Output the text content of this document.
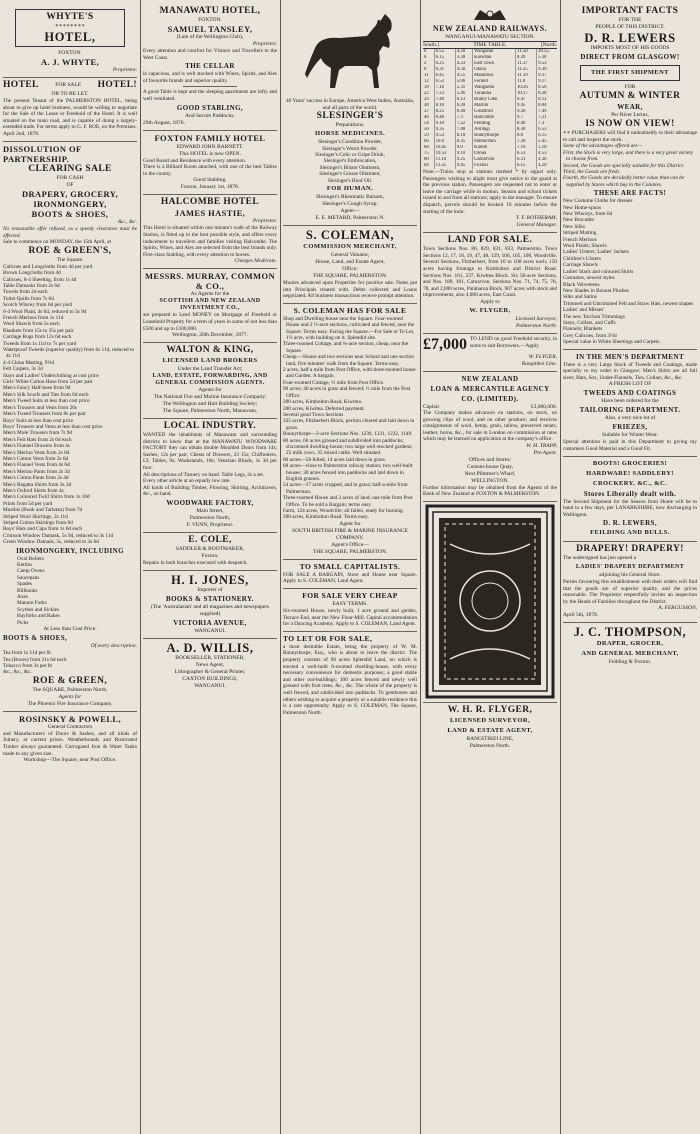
WHYTE'S
∗∗∗∗∗∗∗∗
HOTEL,
FOXTON.
A. J. WHYTE,
Proprietor.
HOTEL	FOR SALE HOTEL!
OR TO BE LET.
The present Tenant of the PALMERSTON HOTEL, being about to give up hotel business, would be willing to negotiate for the Sale of the Lease or Freehold of the Hotel. It is well situated on the main road, and is capable of doing a largely-extended trade. For terms apply to G. F. ROE, on the Premises.
April 2nd, 1878.
DISSOLUTION OF PARTNERSHIP.
CLEARING SALE
FOR CASH
OF
DRAPERY, GROCERY,
IRONMONGERY,
BOOTS & SHOES,
&c., &c.
No reasonable offer refused, as a speedy clearance must be effected.
Sale to commence on MONDAY, the 15th April, at
ROE & GREEN'S,
The Square.
Calicoes and Longcloths from 4d per yard
Brown Longcloths from 4d
Calicoes, 8-4 Sheeting, from 1s 4d
Table Damasks from 2s 6d
Towels from 2d each
Toilet Quilts from 7s 6d
Scotch Wincey from 6d per yard
6-4 Wool Plaid, 4s 6d, reduced to 3s 9d
French Merinos from 1s 11d
Wool Shawls from 5s each
Blankets from 15s to 35s per pair
Carriage Rugs from 12s 6d each
Tweeds from 1s 11d to 7s per yard
Waterproof Tweeds (superior quality) from 6s 11d, reduced to 4s 11d
4-4 China Matting, 9½d
Felt Carpets, 3s 3d
Stays and Ladies' Underclothing at cost price
Girls' White Cotton Hose from 5d per pair
Men's Fancy Half-hose from 9d
Men's Silk Scarfs and Ties from 6d each
Men's Tweed Suits at less than cost price
Men's Trousers and Vests from 20s
Men's Tweed Trousers from 8s per pair
Boys' Suits at less than cost price
Boys' Trousers and Vests at less than cost price
Men's Mole Trousers from 7s 9d
Men's Felt Hats from 2s 6d each
Men's Flannel Drawers from 4s
Men's Merino Vests from 2s 6d
Men's Cotton Vests from 2s 6d
Men's Flannel Vests from 4s 6d
Men's Merino Pants from 2s 3d
Men's Cotton Pants from 2s 4d
Men's Regatta Shirts from 3s 3d
Men's Oxford Shirts from 4s
Men's Coloured Twill Shirts from 1s 10d
Prints from 5d per yard
Muslins (Book and Tarlatan) from 7d
Striped Wool Skirtings, 2s 11d
Striped Cotton Skirtings from 6d
Boys' Hats and Caps from 1s 6d each
Crimson Window Damask, 5s 9d, reduced to 3s 11d
Green Window Damask, 5s, reduced to 3s 6d
IRONMONGERY, INCLUDING
Oval Boilers
Kettles
Camp Ovens
Saucepans
Spades
Billhooks
Axes
Manure Forks
Scythes and Sickles
Hayforks and Rakes
Picks
At Less than Cost Price.
BOOTS & SHOES,
Of every description.
Tea from 1s 11d per lb
Tea (Boxes) from 21s 6d each
Tobacco from 3s per lb
&c., &c., &c.
ROE & GREEN,
The SQUARE, Palmerston North.
Agents for
The Phoenix Fire Insurance Company.
ROSINSKY & POWELL,
General Contractors
and Manufacturers of Doors & Sashes, and all kinds of Joinery, at current prices. Weatherboards and Rusticated Timber always guaranteed. Corrugated Iron & Water Tanks made to any given size.
Workshop—The Square, near Post Office.
MANAWATU HOTEL,
FOXTON.
SAMUEL TANSLEY,
(Late of the Wellington Club),
Proprietor.
Every attention and comfort for Visitors and Travellers to the West Coast.
THE CELLAR
Is capacious, and is well stocked with Wines, Spirits, and Ales of favourite brands and superior quality.
A good Table is kept and the sleeping apartments are lofty and well ventilated.
GOOD STABLING,
And Secure Paddocks.
29th August, 1876.
FOXTON FAMILY HOTEL
EDWARD JOHN BARNETT.
This HOTEL is now OPEN.
Good Board and Residence with every attention.
There is a Billiard Room attached, with one of the best Tables in the county.
Good Stabling.
Foxton, January 1st, 1878.
HALCOMBE HOTEL
JAMES HASTIE,
Proprietor.
This Hotel is situated within one minute's walk of the Railway Station, is fitted up in the best possible style, and offers every inducement to travellers and families visiting Halcombe. The Spirits, Wines, and Ales are selected from the best brands only. First-class Stabling, with every attention to horses.
Charges Moderate.
MESSRS. MURRAY, COMMON & CO.,
As Agents for the
SCOTTISH AND NEW ZEALAND INVESTMENT CO.,
are prepared to Lend MONEY on Mortgage of Freehold or Leasehold Property for a term of years in sums of not less than £500 and up to £100,000.
Wellington, 20th December, 1877.
WALTON & KING,
LICENSED LAND BROKERS
Under the Land Transfer Act;
LAND, ESTATE, FORWARDING, AND GENERAL COMMISSION AGENTS.
Agents for
The National Fire and Marine Insurance Company;
The Wellington and Hutt Building Society;
The Square, Palmerston North, Manawatu.
LOCAL INDUSTRY.
WANTED the inhabitants of Manawatu and surrounding districts to know that at the MANAWATU WOODWARE FACTORY they can obtain double Moulded Doors from 14s; Sashes, 12s per pair; Chests of Drawers, 23 15s; Chiffoniers, £3; Tables, 9s; Washstands, 18s; Venetian Blinds, 1s 3d per foot.
All descriptions of Turnery on hand. Table Legs, 2s a set.
Every other article at an equally low rate.
All kinds of Building Timber, Flooring, Skirting, Architraves, &c., on hand.
WOODWARE FACTORY,
Main Street,
Palmerston North,
F. VENN, Proprietor.
E. COLE,
SADDLER & BOOTMAKER,
Foxton.
Repairs in both branches executed with despatch.
H. I. JONES,
Importer of
BOOKS & STATIONERY.
(The 'Australasian' and all magazines and newspapers supplied)
VICTORIA AVENUE,
WANGANUI.
A. D. WILLIS,
BOOKSELLER, STATIONER,
News Agent,
Lithographer & General Printer,
CAXTON BUILDINGS,
WANGANUI.
40 Years' success in Europe, America West Indies, Australia, and all parts of the world.
SLESINGER'S
Preparations.
HORSE MEDICINES.
Slesinger's Condition Powder,
Slesinger's Worm Powder,
Slesinger's Colic or Gripe Drink,
Slesinger's Embrocation,
Slesinger's Blister Ointment,
Slesinger's Grease Ointment,
Slesinger's Hoof Oil.
FOR HUMAN.
Slesinger's Rheumatic Balsam,
Slesinger's Cough Syrup.
Agent—
E. E. METARD, Palmerston N.
S. COLEMAN,
COMMISSION MERCHANT,
General Valuator,
House, Land, and Estate Agent,
Office:
THE SQUARE, PALMERSTON.
Monies advanced upon Properties for positive sale. Notes put into Principals treated with. Debts collected and Loans negotiated. All business transactions receive prompt attention.
S. COLEMAN HAS FOR SALE
Shop and Dwelling-house near the Square. Four-roomed House and 2 ½-acre sections, cultivated and fenced, near the Square. Terms easy. Facing the Square.—For Sale or To Let, 1½ acre, with building on it. Splendid site.
Three-roomed Cottage, and ¾-acre section, cheap, near the Square.
Cheap.—House and two sections near School and one section land, five minutes' walk from the Square. Terms easy.
2 acres, half a mile from Post Office, with three-roomed house and Garden. A bargain.
Four-roomed Cottage, ½ mile from Post Office.
90 acres; 40 acres in grass and fenced; ½ mile from the Post Office.
200 acres, Kimbolton Road, Kiwitea.
200 acres, Kiwitea. Deferred payment.
Several good Town Sections
325 acres, Fitzherbert Block, portion cleared and laid down in grass.
Bunnythorpe—2-acre Sections Nos. 1230, 1231, 1232, 1149.
80 acres, 60 acres grassed and subdivided into paddocks; sixroomed dwelling-house; two large well-stocked gardens; 25 milk cows, 35 mixed cattle. Well situated.
80 acres—50 felled, 14 acres laid down in grass.
68 acres—close to Palmerston railway station; two well-built houses; 30 acres fenced into paddocks and laid down in English grasses.
54 acres—17 acres cropped, and in grass; half-a-mile from Palmerston.
Three-roomed House and 2 acres of land, one mile from Post Office. To be sold a Bargain; terms easy.
Farm, 124 acres, Woodville; all fallen, ready for burning.
200 acres, Kimbolton Road. Terms easy.
Agent for
SOUTH BRITISH FIRE & MARINE INSURANCE COMPANY.
Agent's Office—
THE SQUARE, PALMERSTON.
TO SMALL CAPITALISTS.
FOR SALE A BARGAIN, Store and House near Square. Apply to S. COLEMAN, Land Agent.
FOR SALE VERY CHEAP
EASY TERMS.
Six-roomed House, newly built, 1 acre ground and garden, Terrace End, near the New Flour-Mill. Capital accommodation for a Dancing Academy. Apply to S. COLEMAN, Land Agent.
TO LET OR FOR SALE,
a most desirable Estate, being the property of W. M. Bunnythorpe, Esq., who is about to leave the district. The property consists of 96 acres Splendid Land, on which is erected a well-built 6-roomed dwelling-house, with every necessary convenience for domestic purposes; a good stable and other out-buildings; 100 acres fenced and newly well grassed with fruit trees, &c., &c. The whole of the property is well fenced, and subdivided into paddocks. To gentlemen and others wishing to acquire a property or a suitable residence this is a rare opportunity. Apply to S. COLEMAN, The Square, Palmerston North.
NEW ZEALAND RAILWAYS.
WANGANUI-MANAWATU SECTION.
South.]	TIME TABLE.	[North.
0	6.55	4.20	Wanganui	11.50	10.55
6	6.15	3.30	Kaiwhau	8.20	5.38
2	6.25	4.33	East Town	11.37	9.53
6	6.31	4.50	Okoia	11.25	9.39
11	6.45	4.55	Matarawa	11.19	9.37
12	6.53	5.06	Fordell	11.0	9.17
18	7.16	5.31	Wangaehu	10.26	8.56
22	7.23	5.46	Turakina	10.17	8.28
29	7.48	6.13	Bonny Glen	9.47	8.12
38	8.10	6.28	Marton	9.45	8.04
37	8.25	6.40	Greatford	9.30	7.49
46	8.48	7.3	Halcombe	9.7	7.21
54	9.10	7.22	Feilding	8.46	7.3
56	9.35	7.48	Aorangi	8.30	6.53
59	9.53	8.10	Bunnythorpe	8.0	6.15
66	10.0	8.35	Palmerston	7.30	5.45
68	10.45	9.0	Karere	7.10	5.10
75	10.53	9.10	Oroua	6.53	4.53
80	11.10	9.25	Carnarvon	6.31	4.36
84	11.25	9.45	Foxton	6.15	4.20
Note.—Trains stop at stations marked * by signal only. Passengers wishing to alight must give notice to the guard at the previous station. Passengers are requested not to enter or leave the carriage while in motion. Season and school tickets issued to and from all stations; apply to the manager. To ensure dispatch, parcels should be booked 10 minutes before the starting of the train.
T. F. ROTHERAM,
General Manager.
LAND FOR SALE.
Town Sections Nos. 86, 829, 831, 833, Palmerston. Town Sections 12, 17, 18, 19, 47, 48, 129, 106, 105, 108, Woodville. Several Sections, Fitzherbert, from 10 to 100 acres each; 150 acres having frontage to Kimbolton and District Road. Sections Nos. 161, 237, Kiwitea Block. Six 50-acre Sections, and Nos. 180, 181, Carnarvon. Sections Nos. 71, 74, 75, 76, 78, and 2,000 acres, Paraharua Block. 907 acres with stock and improvements, also 4,000 acres, East Coast.
Apply to
W. FLYGER,
Licensed Surveyor,
Palmerston North.
£7,000 TO LEND on good Freehold security, in sums to suit Borrowers.—Apply
W. FLYGER,
Rangitikei Line.
NEW ZEALAND
LOAN & MERCANTILE AGENCY CO. (LIMITED).
Capital	£3,000,000.
The Company makes advances on stations, on stock, on growing clips of wool, and on other produce; and receives consignments of wool, hemp, grain, tallow, preserved meats, leather, horns, &c., for sale in London on commission at rates which may be learned on application at the company's office.
W. H. TRAPP,
Pro Agent.
Offices and Stores:
Custom-house Quay,
Next Plimmer's Wharf,
WELLINGTON.
Further information may be obtained from the Agents of the Bank of New Zealand at FOXTON & PALMERSTON.
W. H. R. FLYGER,
LICENSED SURVEYOR,
LAND & ESTATE AGENT,
RANGITIKEI LINE,
Palmerston North.
IMPORTANT FACTS
FOR THE
PEOPLE OF THIS DISTRICT.
D. R. LEWERS
IMPORTS MOST OF HIS GOODS
DIRECT FROM GLASGOW!
THE FIRST SHIPMENT
FOR
AUTUMN & WINTER
WEAR,
Per River Lerins,
IS NOW ON VIEW!
∗∗ PURCHASERS will find it undoubtedly to their advantage to call and inspect the stock.
Some of the advantages offered are—
First, the Stock is very large, and there is a very great variety to choose from.
Second, the Goods are specially suitable for this District.
Third, the Goods are fresh.
Fourth, the Goods are decidedly better value than can be supplied by Stores which buy in the Colonies.
THESE ARE FACTS!
New Costume Cloths for dresses
New Home-spuns
New Winceys, from 6d
New Brocades
New Silks
Striped Matting
French Merinos
Wool Plaids; Shawls
Ladies' Ulsters; Ladies' Jackets
Children's Ulsters
Carriage Shawls
Ladies' black and coloured Skirts
Costumes, newest styles
Black Velveteens
New Shades in Bonnet Plushes
Silks and Satins
Trimmed and Untrimmed Felt and Straw Hats, newest shapes
Ladies' and Misses'
The new Torchon Trimmings
Stays, Collars, and Cuffs
Flannels; Blankets
Grey Calicoes, from 3½d
Special value in White Sheetings and Carpets.
IN THE MEN'S DEPARTMENT
There is a very Large Stock of Tweeds and Coatings, made specially to my order in Glasgow; Men's Shirts are all full sizes; Hats, Sox, Under-Flannels, Ties, Collars, &c., &c.
A FRESH LOT OF
TWEEDS AND COATINGS
Have been ordered for the
TAILORING DEPARTMENT.
Also, a very nice lot of
FRIEZES,
Suitable for Winter Wear.
Special attention is paid in this Department to giving my customers Good Material and a Good Fit.
BOOTS! GROCERIES!
HARDWARE! SADDLERY!
CROCKERY, &C., &C.
Stores Liberally dealt with.
The Second Shipment for the Season from Home will be to hand in a few days, per LANARKSHIRE, now discharging in Wellington.
D. R. LEWERS,
FEILDING AND BULLS.
DRAPERY! DRAPERY!
The undersigned has just opened a
LADIES' DRAPERY DEPARTMENT
adjoining his General Store.
Parties favouring this establishment with their orders will find that the goods are of superior quality, and the prices reasonable. The Proprietor respectfully invites an inspection by the Heads of Families throughout the District.
A. FERGUSSON,
April 5th, 1878.
J. C. THOMPSON,
DRAPER, GROCER,
AND GENERAL MERCHANT,
Feilding & Foxton.
